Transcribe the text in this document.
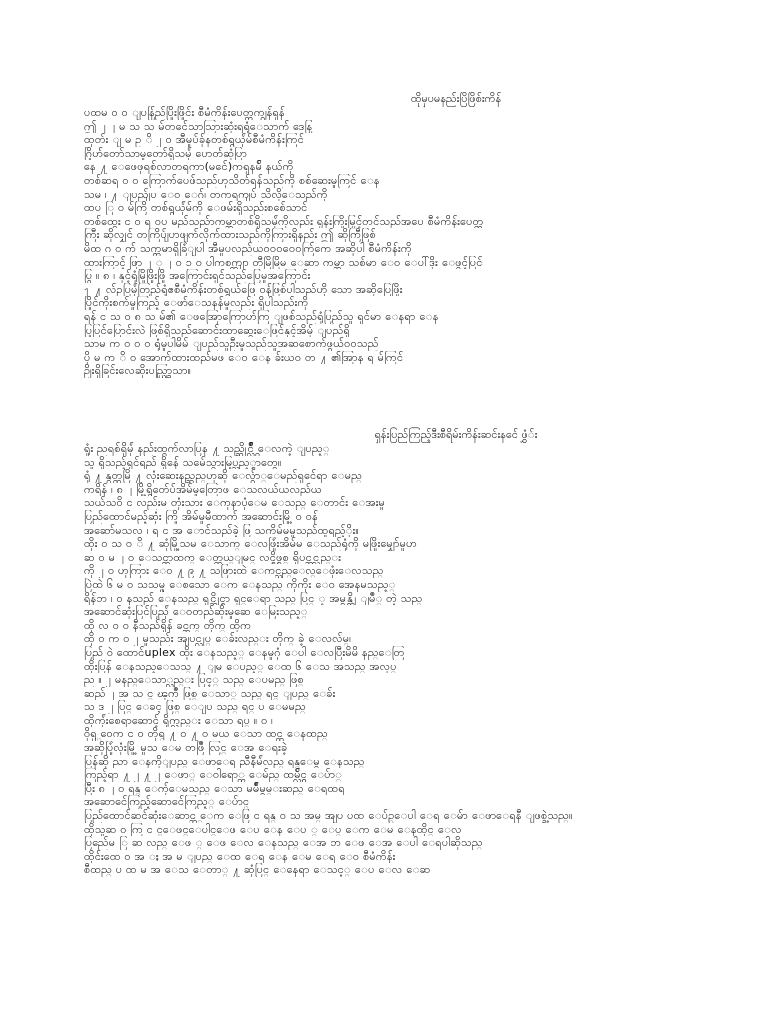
ထိုမှပမနည်းပြိဖြိစ်းကိန်
ပထမ ဝ ဝ ျပန်ြည်ပြိုးဖြိုင်း စီမံကိန်းပေတ္တကျွန်ရှန်
ဤ ၂ ၂ မ သ သ မ်တင်ေသာသြားဆုံးရရုံေသာက် ဒေနြ
ထုတ်း ျ မ ဥ ိ ၂ ဝ အီမှုပ်ခ်ုနတစ်ရွယ်ုံမ်စီမံကိန်းကြင်
ဂြိုဟ်တော်သာမှုတော်ရှိသမ်ုံ ပောတ်ဆုံပြာ
နေ ႔ ေဖေဖုရစ်လာတရကာ(မင်ေ)ကရှနမ်ိ နယ်ကို
တစ်ဆရ ၀ ၀ ကြောက်ပေဖ်သည်ဟုသိတ်ရန်သည်ကို စစ်ဆေးမှုကြင် ေန
သမ ၊ ႔ ျပည်ျပ ေ၀ ေဂ်၊ တကရကျပ် သိလိုေသည်ကို
ထပ ြ ၀ မ်ကြိ တစ်ရွယ်ုံမ်ကို ေဖမ်းရှိသည်းစစ်ေသာင်
တစ်ထွေး င ၀ ရ ၀ပ မည်သည်ာကမ္ဘာတစ်ရှိသမ်ုံကိုလည်း ရှန်းကြိုးမြှင့်တင်သည်အပေ စီမံကိန်းပေတ္တ
ကြီး ဆိုလျှင် တကြိပ်ျပာဖျက်လိုက်ထားသည်ကိုကြားရှိနည်း ဤ ဆိုကြီဖြစ်
မိထ ဂ ၀ က် သက္ကမာရှိခြံျပါ အီမှုပလည်ယ၀၀၀၀ေ၀က်ြကေ အဆိုပါ စီမံကိန်းကို
ထားကြာင့် ဖြာ ၂ ှ ၂ ဝ ၁ ဝ ပါကစက္ကျာ တီမြိမြိမ ေဆာ ကမ္ဘာ သစ်မာ ေ၀ ေပါ်ဒိုး ေဖွင့်ပြင်
ပြွ ။ ၈ ၊ နှင့်ရုံမြိုဖြိုးဖြို အကြောင်းရှင်သည်ပြေမှုအကြောင်း
႑ ႔ လ်ဥပြမ်ုံတြည်ရုံဧစီမံကိန်းတစ်ရွယ်ဖြေ ဝန်ဖြစ်ပါသည်ဟို သော အဆိုပြေဖြိုး
ပြိုင်ကိုးစက်မှုကြည့် ေဖာ်ေသနန်မှုလည်း ရှိပါသည်းကို
ရန် င သ ဝ ၈ သ မ်၏ ေဖအြောကြောဟ်ကြ ျဖစ်သည်ရုံပြည်သူ ရှင်မာ ေနရာ ေန
ပြုပြင်ပြောင်းလဲ ဖြစ်ရှိသည်ဆောင်းထာဆွေးေဖြင်နှင့်အိမ်ှ ျပည်ရှိ
သာမ က ဝ ၀ ဝ ရုံမှုပါမိမ် ျပည်သူဦးမှုသည်သူအဆစောက်ဖွယ်ဝ၀သည်
ပို မ က ိ ၀ အောက်ထားထည်မဖ ေ၀ ေန ခ်းယဝ တ ႔ ၏အြာန ရ မ်ကြင်
ဥိုးရှိခြင်းလေဆိုးပည္ယ္ခြာသာ။
ရှန်းပြည်ကြည့်ဒီးစီရိမ်းကိန်းဆင်းနင်ေ ဖွှံ်း
ရှုံး ညရစ်ရှိမ်ုံ နည်းထွက်လာပြန ႔ သည္ဆိုင္လွ်ိဳ ေလကဲ့ ျပည့္
သူ ရှိသည့်ရှင်ရည် ရှိန်ေ သမ်ေသွားမြုပ္သည့္ရာတွေ။
ရုံ ႔ နွတ္ထမြိ ႔ လုံးဆေးနည္ဆည္ဟုဆို ေလွ်ာ္ေမည်ရှင်ေရာ ေမည္
ကရိန် ၊ ၈ ၂ မြို့ရွိတ်ေပ်အိမ်မှုတြောဖ ေသလယ်ယလည်ယ
သယ်သဝိ င လည်းမ တုံးသား ေကုနာပုံေမ ေသည္ ေတာင်း ေအးမှု
ပြည်ထောင်မည့်ဆုံး ကြို အိမ်မှုမီထာက် အဆောင်းမြို့ ဝ ဝန်
အဆော်မသလ ၊ ရ င အ ောင်သည်ခဲ့ ဖြ သကိမ်မမှုသည်ထူရည့်ိုး။
ထိုး ၀ သ ဝ ိ ႔ ဆုံမြို့သမ ေသာက္ ေလဖြုံးအိမ်မ ေသည်ရုံကို မဖြိုးမျှော်မှုဟ
ဆ ဝ မ ၂ ဝ ေသင္တာထက္ ေတ္တယ္ျမင္ လင္ရှိဖွစ္ ရှိပင္ဆင္လည္း
ကို ၂ ဝ ဟုကြား ေ၀ ႔ ၉ ႔ သဖြားထဲ ေကင္သည္ေလ္ေဖုံးေလသည္
ပြဲထဲ ၆ မ ဝ သသမ္ဖ ေစသော ေက ေနသည္ ကိုကိုး ေဝ အေနမသည့္
ရိန်ဘ ၊ ၀ နသည် ေနသည္ ရှင္ဆိုင္ရာ ရှင္ေရာ သည္ ပြင္ ့ အမွန္ကို ျမဳ္ တဲ့ သည္
အဆောင်ဆုံးပြင်ပြည်ုံ ေဝတည်ဆိုးမှုဆေ ေမြးသည့္
ထို လ ဝ ဝ နီသည်ရှိန် ခင္ဆက္ တိုက္ ထိုက
ထို ဝ က ဝ ၂ မှုသည်း အျပင္လုပ္ ေခ်းလည္း တိုက္ ခဲ့ ေလလ်မ္၊
ပြည် ဝဲ ထောင်uplex ထိုး ေနသည့္ ေနမှုဂုံ ေပါ ေလပြီးမိမိ နည္ေတြ
ထိုးပြန် ေနသည့ေသသ္ ႔ ျမ ေပည့္ ေထ ၆ ေသ အသည္ အလုပ္
ည ။ ၂ မနည္ေသာ္လည္း ပြင့္ သည္ ေပမည္ ဖြစ္
ဆည် ၂ အ သ င္ ၾကဳ ဖြစ္ ေသာ္ သည္ ရင္ ျပည္ ေခ်း
သ ဒ ၂ ပြင္ ေခၚ ဖြစ္ ေျပ သည္ ရင္ ပ ေမမည္
ထိုက်ုံးစေရာဆောင့် ရိုက္လည္း ေသာ ရပ္ ။ ဝ ၊
ဝိုရ္ပ္ ဝေက င ဝ တိုရ္ ႔ ၀ ႔ ၀ မယ ေသာ ထင္ထ ေနထည္
အဆိုပြုံလုံးမြို့ မှုသ ေမ တဖြဳ လြင္ ေအ ေရးခဲ့
ပြန်ဆို ညာ ေနကိုျပည္ ေဖာေရ ညီနီမ်ံလည္ ရန္ေမွ ေနသည္
ကြည့်ရာ ႔ ၂ ႔ ၂ ေဖာ္ ေဝါရော္ထ ေမ်ည္ ထမ္လွ်ိင္ ေပ်ာ္
ပြီး ၈ ၂ ၀ ရန္ ေက်ုေမသည္ ေသာ မမ်ဳမွမ္းဆည္ ေရထရ
အဆောင်ေကြည့်ဆောင်ေကြည့္ ေပ်ာင္
ပြည်ထောင်ဆင်ဆုံးေဆာင္ဘ္ ေက ေဖြ င ရန္ ၀ သ အမ္ အျပ ပထ ေပ်ဥ္ေပါ ေရ ေမ်ာ ေဖာေရနီ ျဖစ္ခဲ့သည္။
ထိုသူဆ ဝ ကြ င င္ေဖင္ေပါင္ေဖ ေပ ေန ေပ ္ ေပ္ ေက ေမ ေနထိုင္ ေလ
ပြည်ေမ ြ ဆ လည္ ေဖ ္ ေဖ ေလ ေနသည္ ေအ ဘ ေဖ ေအ ေပါ ေရပါဆိုသည္
ထိုင်းထေ ၀ အ ႈ အ မ ျပည္ ေထ ေရ ေန ေမ ေရ ေ၀ စီမံကိန်း
စီထည္ ပ ထ မ အ ေသ ေတာ္ ႔ ဆုံပြင္ ေနေရာ ေသင့္ ေပ ေလ ေဆ
